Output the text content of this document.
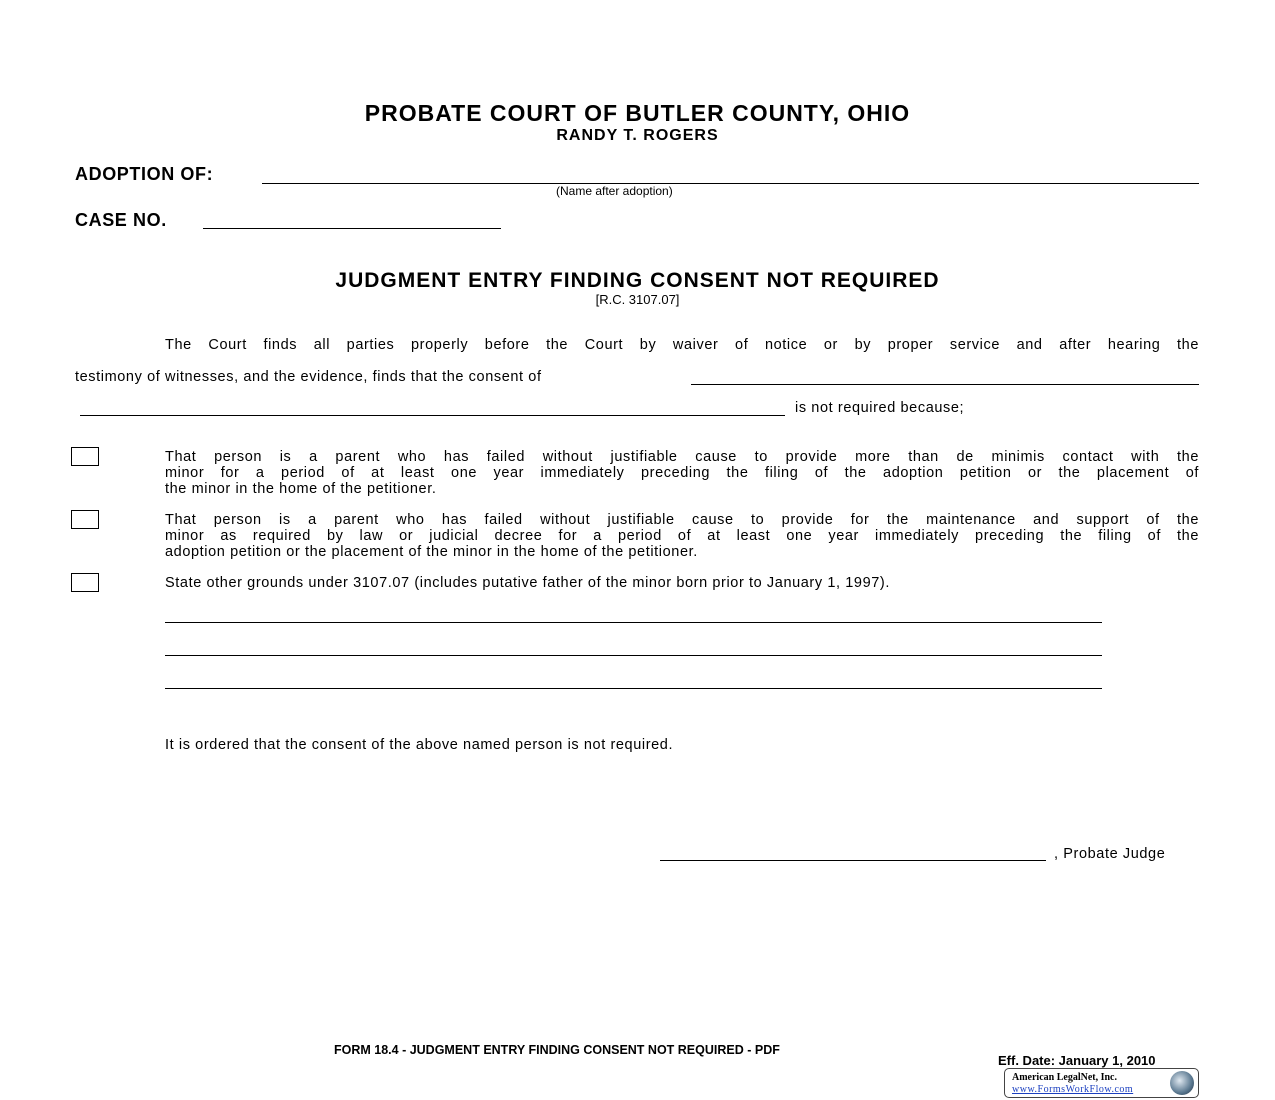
PROBATE COURT OF BUTLER COUNTY, OHIO
RANDY T. ROGERS
ADOPTION OF:
(Name after adoption)
CASE NO.
JUDGMENT ENTRY FINDING CONSENT NOT REQUIRED
[R.C. 3107.07]
The Court finds all parties properly before the Court by waiver of notice or by proper service and after hearing the
testimony of witnesses, and the evidence, finds that the consent of
is not required because;
That person is a parent who has failed without justifiable cause to provide more than de minimis contact with the
minor for a period of at least one year immediately preceding the filing of the adoption petition or the placement of
the minor in the home of the petitioner.
That person is a parent who has failed without justifiable cause to provide for the maintenance and support of the
minor as required by law or judicial decree for a period of at least one year immediately preceding the filing of the
adoption petition or the placement of the minor in the home of the petitioner.
State other grounds under 3107.07 (includes putative father of the minor born prior to January 1, 1997).
It is ordered that the consent of the above named person is not required.
, Probate Judge
FORM 18.4 - JUDGMENT ENTRY FINDING CONSENT NOT REQUIRED - PDF
Eff. Date: January 1, 2010
American LegalNet, Inc.
www.FormsWorkFlow.com
